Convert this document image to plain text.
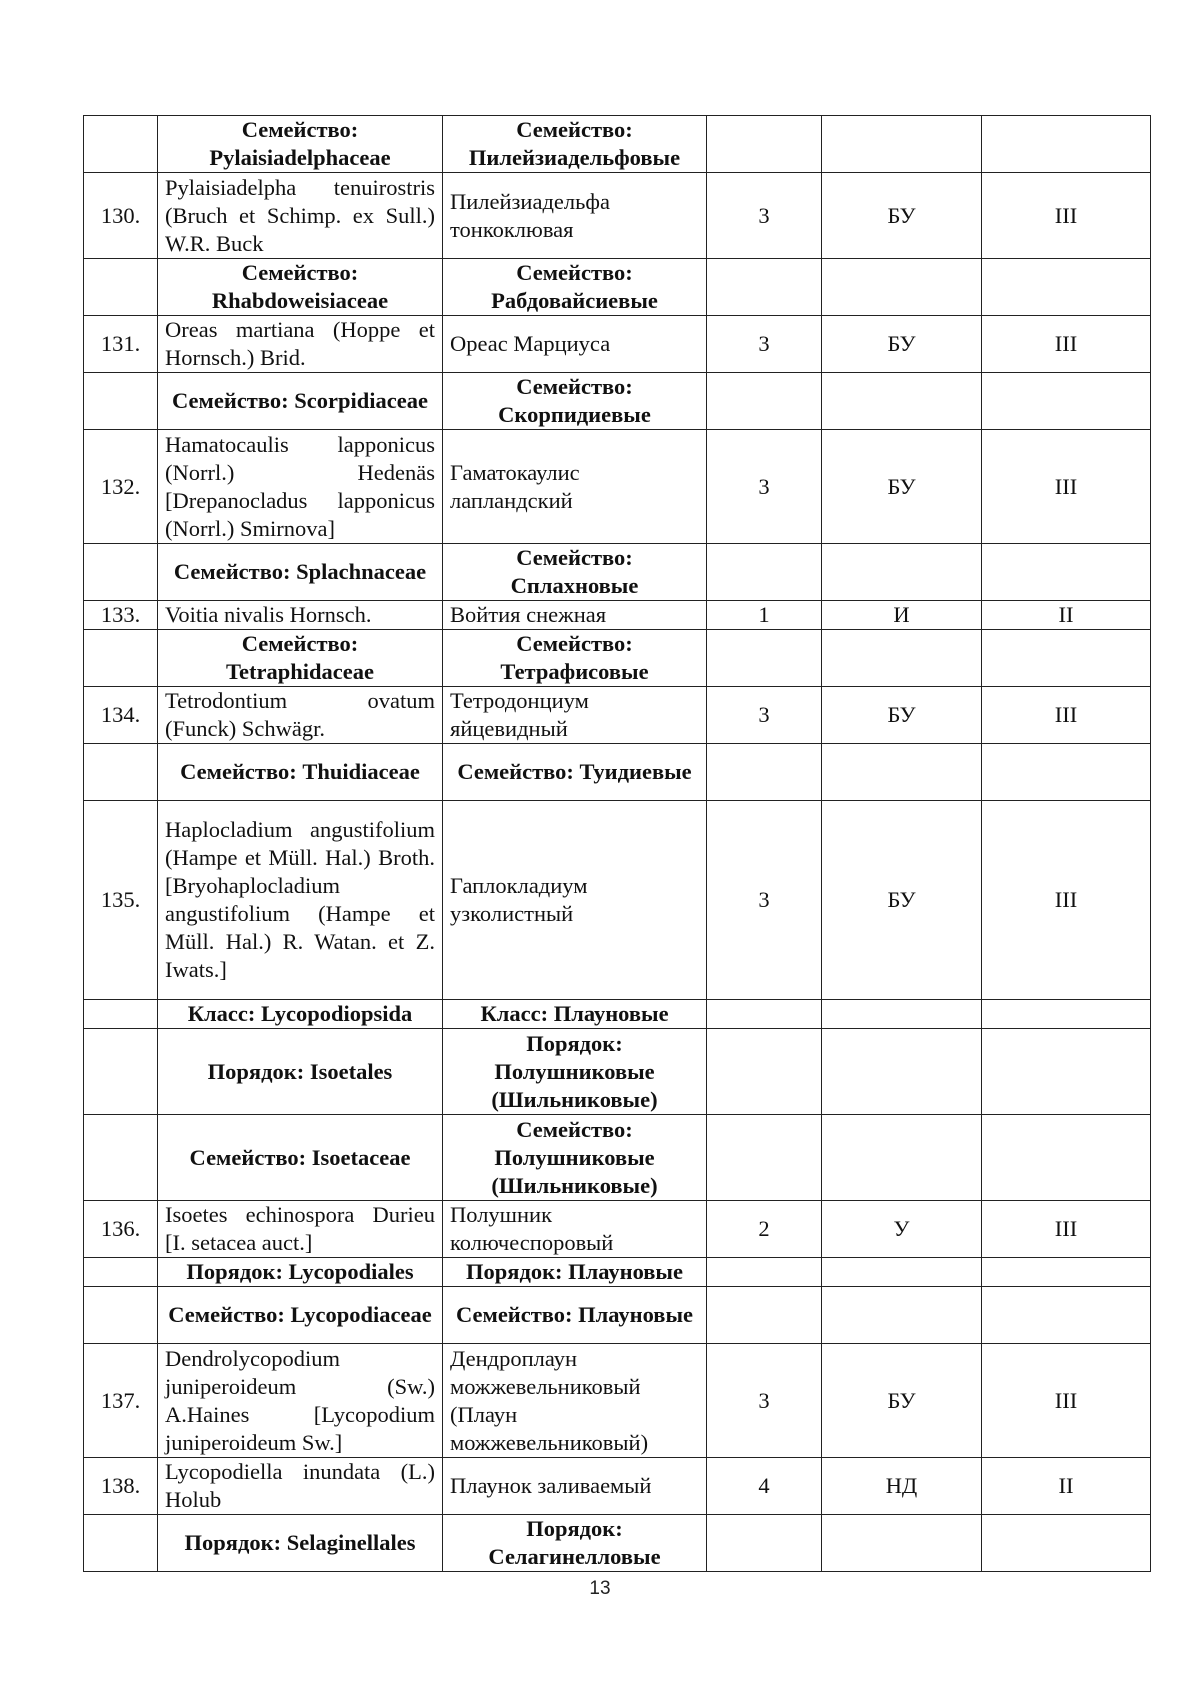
	Семейство: Pylaisiadelphaceae	Семейство: Пилейзиадельфовые			
130.	Pylaisiadelpha tenuirostris (Bruch et Schimp. ex Sull.) W.R. Buck	Пилейзиадельфа тонкоклювая	3	БУ	III
	Семейство: Rhabdoweisiaceae	Семейство: Рабдовайсиевые			
131.	Oreas martiana (Hoppe et Hornsch.) Brid.	Ореас Марциуса	3	БУ	III
	Семейство: Scorpidiaceae	Семейство: Скорпидиевые			
132.	Hamatocaulis lapponicus (Norrl.) Hedenäs [Drepanocladus lapponicus (Norrl.) Smirnova]	Гаматокаулис лапландский	3	БУ	III
	Семейство: Splachnaceae	Семейство: Сплахновые			
133.	Voitia nivalis Hornsch.	Войтия снежная	1	И	II
	Семейство: Tetraphidaceae	Семейство: Тетрафисовые			
134.	Tetrodontium ovatum (Funck) Schwägr.	Тетродонциум яйцевидный	3	БУ	III
	Семейство: Thuidiaceae	Семейство: Туидиевые			
135.	Haplocladium angustifolium (Hampe et Müll. Hal.) Broth. [Bryohaplocladium angustifolium (Hampe et Müll. Hal.) R. Watan. et Z. Iwats.]	Гаплокладиум узколистный	3	БУ	III
	Класс: Lycopodiopsida	Класс: Плауновые			
	Порядок: Isoetales	Порядок: Полушниковые (Шильниковые)			
	Семейство: Isoetaceae	Семейство: Полушниковые (Шильниковые)			
136.	Isoetes echinospora Durieu [I. setacea auct.]	Полушник колючеспоровый	2	У	III
	Порядок: Lycopodiales	Порядок: Плауновые			
	Семейство: Lycopodiaceae	Семейство: Плауновые			
137.	Dendrolycopodium juniperoideum (Sw.) A.Haines [Lycopodium juniperoideum Sw.]	Дендроплаун можжевельниковый (Плаун можжевельниковый)	3	БУ	III
138.	Lycopodiella inundata (L.) Holub	Плаунок заливаемый	4	НД	II
	Порядок: Selaginellales	Порядок: Селагинелловые			
13
